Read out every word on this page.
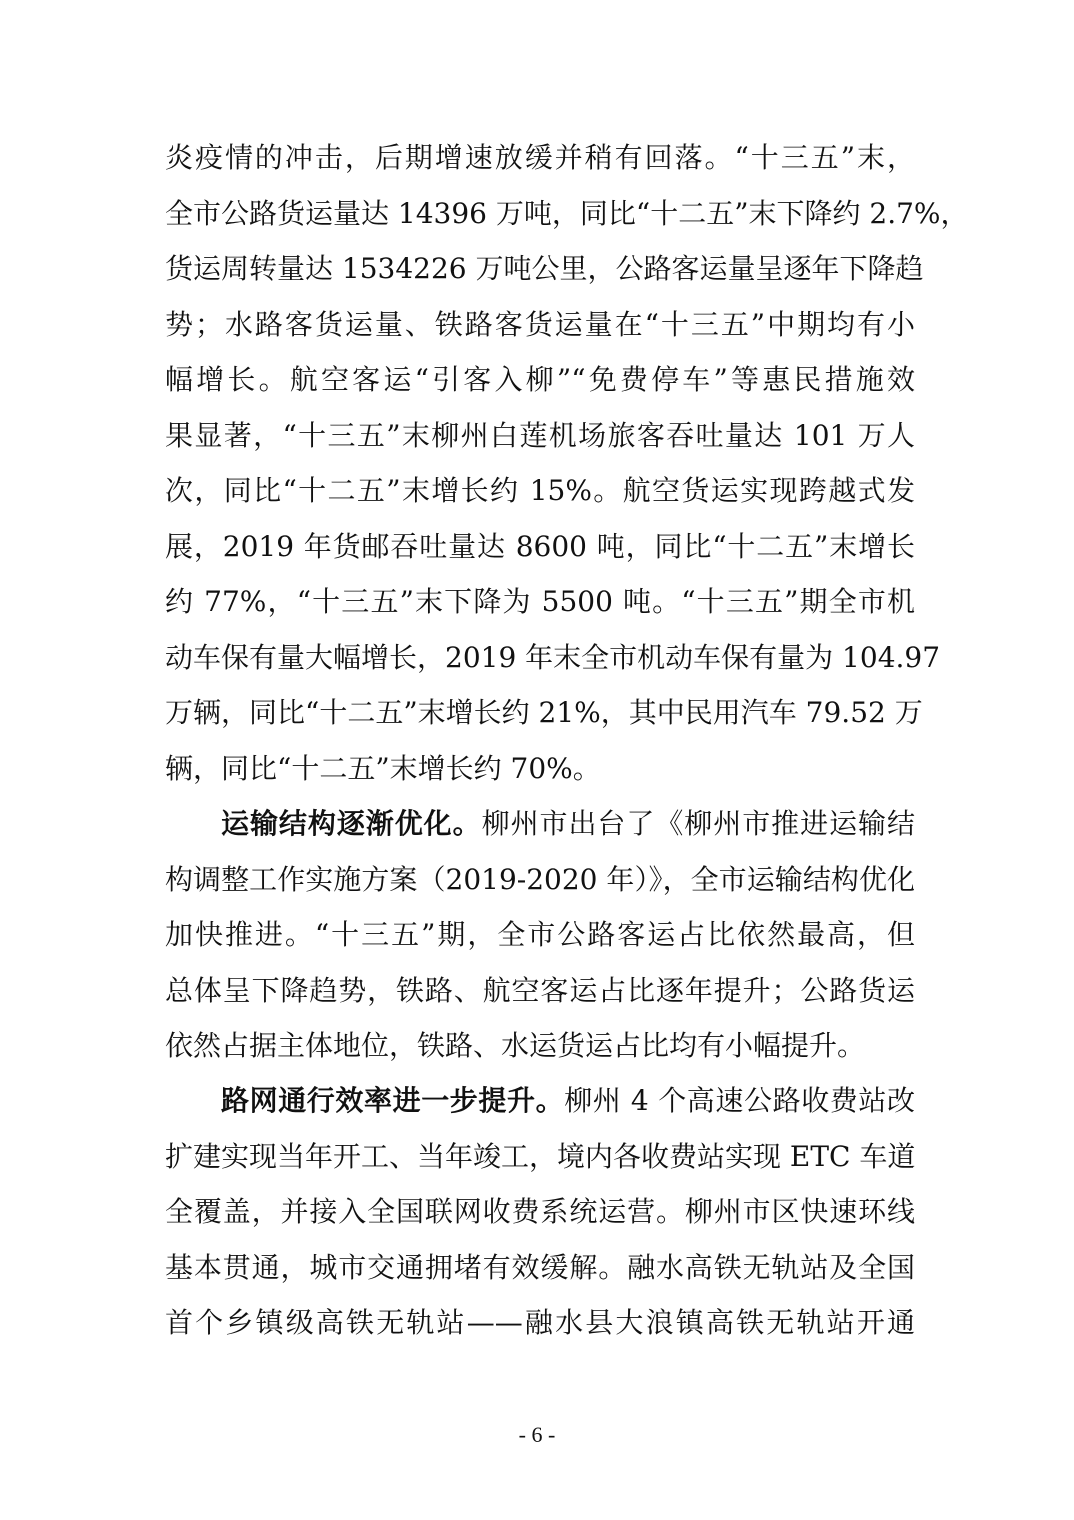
炎疫情的冲击，后期增速放缓并稍有回落。“十三五”末，
全市公路货运量达 14396 万吨，同比“十二五”末下降约 2.7%，
货运周转量达 1534226 万吨公里，公路客运量呈逐年下降趋
势；水路客货运量、铁路客货运量在“十三五”中期均有小
幅增长。航空客运“引客入柳”“免费停车”等惠民措施效
果显著，“十三五”末柳州白莲机场旅客吞吐量达 101 万人
次，同比“十二五”末增长约 15%。航空货运实现跨越式发
展，2019 年货邮吞吐量达 8600 吨，同比“十二五”末增长
约 77%，“十三五”末下降为 5500 吨。“十三五”期全市机
动车保有量大幅增长，2019 年末全市机动车保有量为 104.97
万辆，同比“十二五”末增长约 21%，其中民用汽车 79.52 万
辆，同比“十二五”末增长约 70%。
运输结构逐渐优化。柳州市出台了《柳州市推进运输结
构调整工作实施方案（2019-2020 年）》，全市运输结构优化
加快推进。“十三五”期，全市公路客运占比依然最高，但
总体呈下降趋势，铁路、航空客运占比逐年提升；公路货运
依然占据主体地位，铁路、水运货运占比均有小幅提升。
路网通行效率进一步提升。柳州 4 个高速公路收费站改
扩建实现当年开工、当年竣工，境内各收费站实现 ETC 车道
全覆盖，并接入全国联网收费系统运营。柳州市区快速环线
基本贯通，城市交通拥堵有效缓解。融水高铁无轨站及全国
首个乡镇级高铁无轨站——融水县大浪镇高铁无轨站开通
- 6 -
